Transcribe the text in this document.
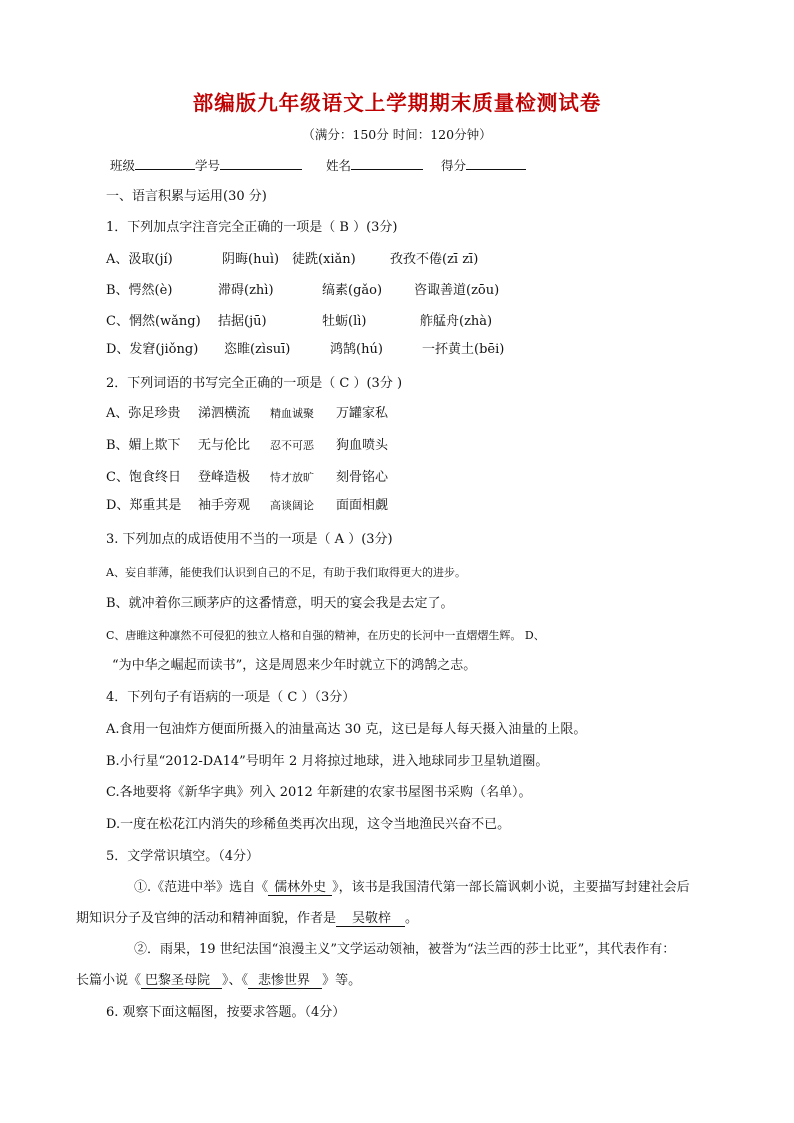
部编版九年级语文上学期期末质量检测试卷
（满分：150分 时间：120分钟）
班级	学号	姓名	得分
一、语言积累与运用(30 分)
1．下列加点字注音完全正确的一项是（ B ）(3分)
A、汲取(jí)	阴晦(huì) 徒跣(xiǎn)	孜孜不倦(zī zī)
B、愕然(è)	滞碍(zhì)	缟素(gǎo) 咨诹善道(zōu)
C、惘然(wǎng) 拮据(jū)	牡蛎(lì)	舴艋舟(zhà)
D、发窘(jiǒng) 恣睢(zìsuī)	鸿鹄(hú)	一抔黄土(bēi)
2．下列词语的书写完全正确的一项是（ C ）(3分 )
A、弥足珍贵 涕泗横流 精血诚聚 万罐家私
B、媚上欺下 无与伦比 忍不可恶 狗血喷头
C、饱食终日 登峰造极 恃才放旷 刻骨铭心
D、郑重其是 袖手旁观 高谈阔论 面面相觑
3. 下列加点的成语使用不当的一项是（ A ）(3分)
A、妄自菲薄，能使我们认识到自己的不足，有助于我们取得更大的进步。
B、就冲着你三顾茅庐的这番情意，明天的宴会我是去定了。
C、唐睢这种凛然不可侵犯的独立人格和自强的精神，在历史的长河中一直熠熠生辉。 D、
“为中华之崛起而读书”，这是周恩来少年时就立下的鸿鹄之志。
4．下列句子有语病的一项是（ C ）（3分）
A.食用一包油炸方便面所摄入的油量高达 30 克，这已是每人每天摄入油量的上限。
B.小行星“2012-DA14”号明年 2 月将掠过地球，进入地球同步卫星轨道圈。
C.各地要将《新华字典》列入 2012 年新建的农家书屋图书采购（名单）。
D.一度在松花江内消失的珍稀鱼类再次出现，这令当地渔民兴奋不已。
5．文学常识填空。（4分）
①.《范进中举》选自《 儒林外史 》，该书是我国清代第一部长篇讽刺小说，主要描写封建社会后
期知识分子及官绅的活动和精神面貌，作者是 吴敬梓 。
②．雨果，19 世纪法国“浪漫主义”文学运动领袖，被誉为“法兰西的莎士比亚”，其代表作有：
长篇小说《 巴黎圣母院 》、《 悲惨世界 》等。
6. 观察下面这幅图，按要求答题。（4分）
